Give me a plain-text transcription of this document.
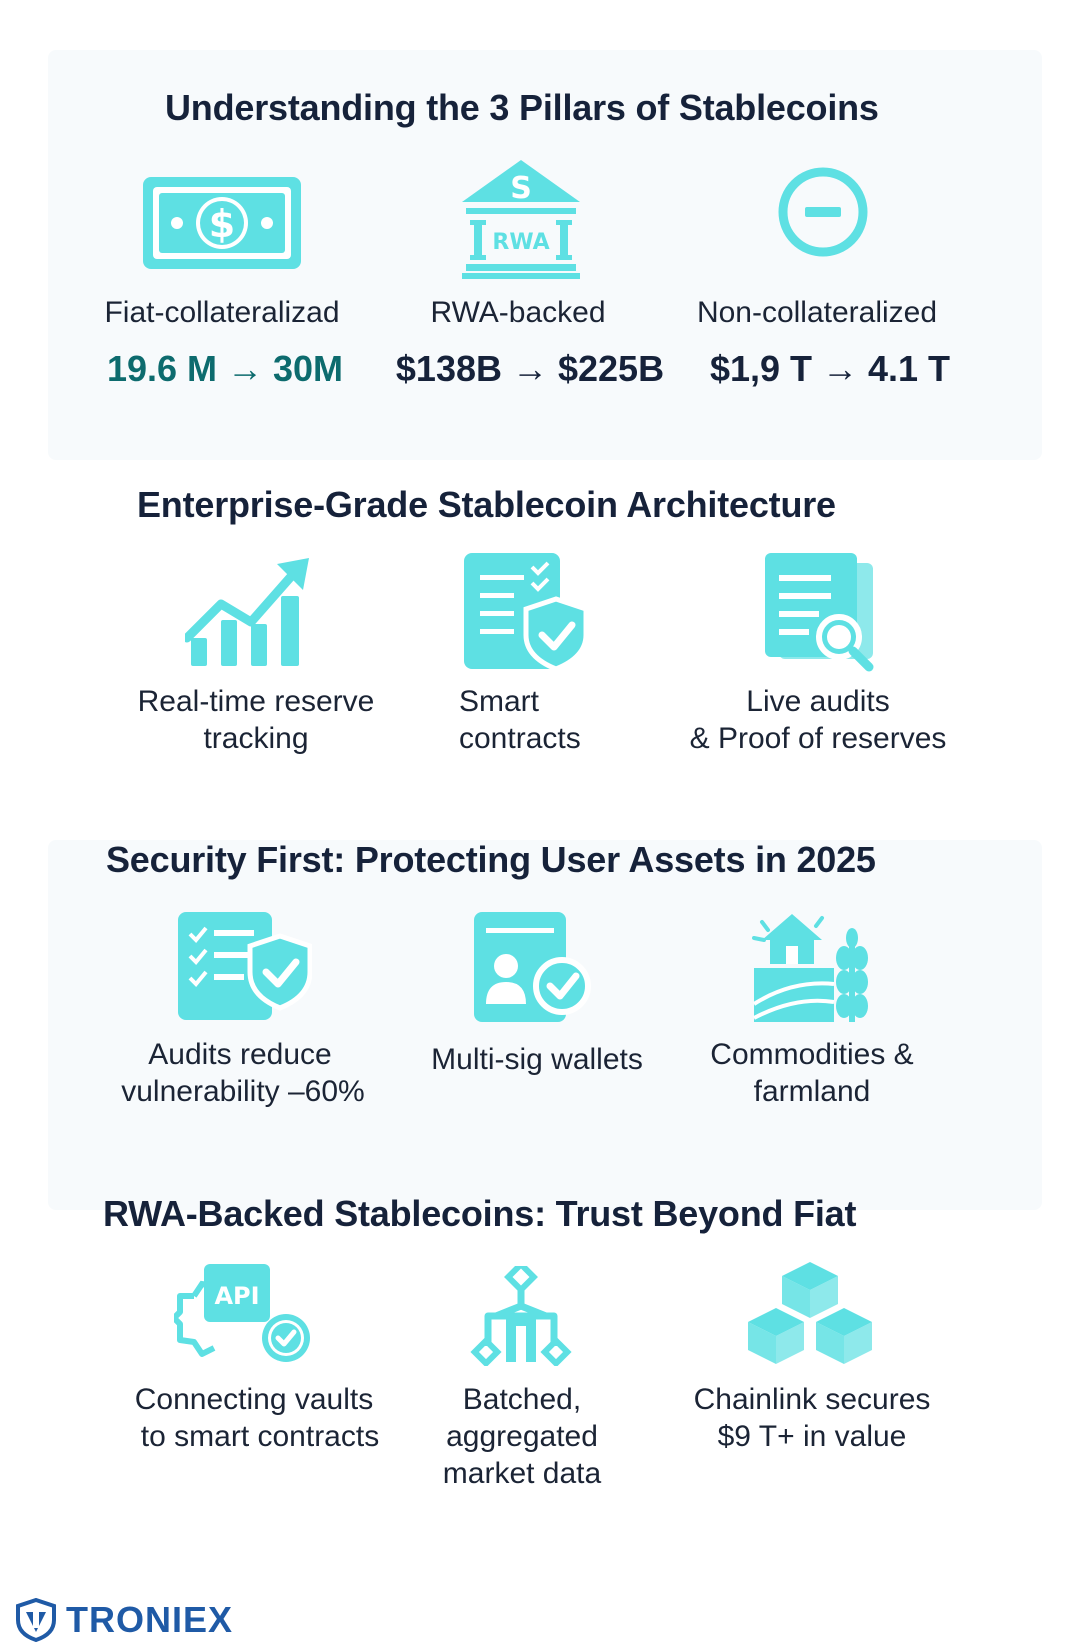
Understanding the 3 Pillars of Stablecoins
$
S
RWA
Fiat-collateralizad	RWA-backed	Non-collateralized
19.6 M → 30M	$138B → $225B	$1,9 T → 4.1 T
Enterprise-Grade Stablecoin Architecture
Real-time reserve
tracking
Smart
contracts
Live audits
& Proof of reserves
Security First: Protecting User Assets in 2025
Audits reduce
vulnerability –60%
Multi-sig wallets	Commodities &
farmland
RWA-Backed Stablecoins: Trust Beyond Fiat
API
Connecting vaults
to smart contracts
Batched,
aggregated
market data
Chainlink secures
$9 T+ in value
TRONIEX
